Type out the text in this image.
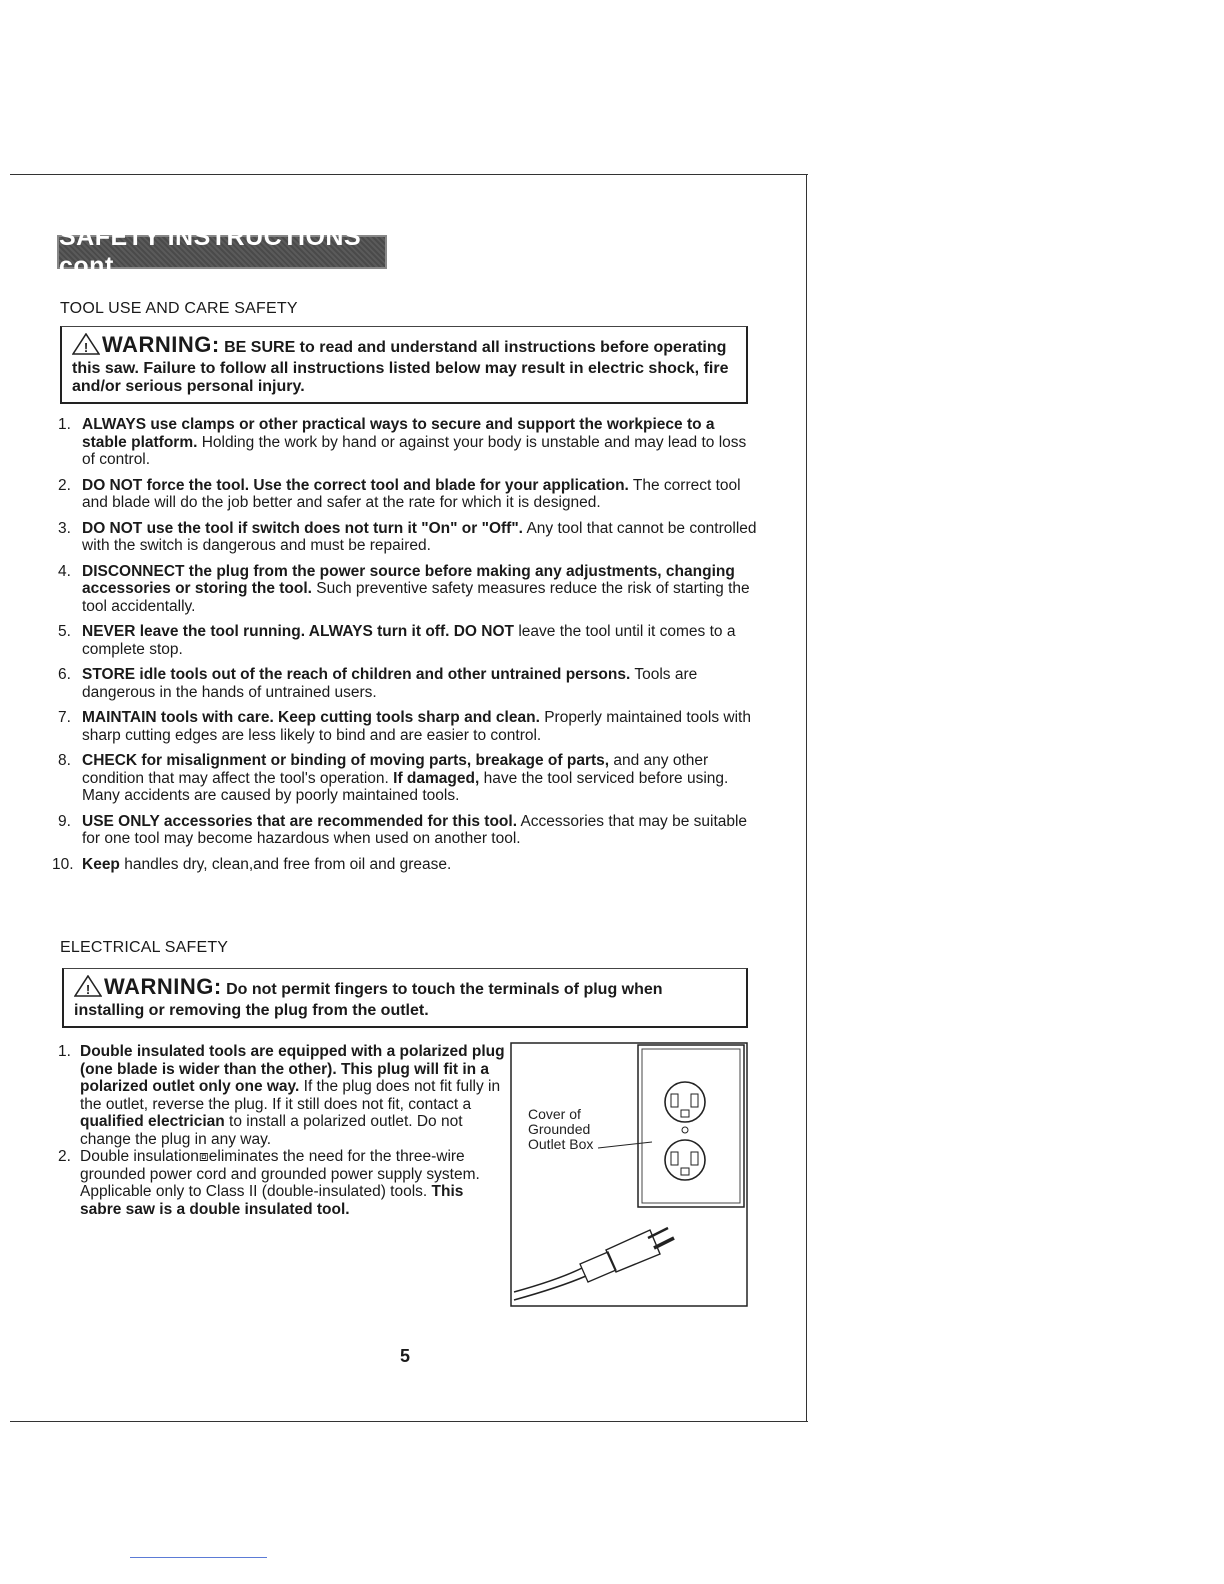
SAFETY INSTRUCTIONS cont.
TOOL USE AND CARE SAFETY
! WARNING: BE SURE to read and understand all instructions before operating this saw. Failure to follow all instructions listed below may result in electric shock, fire and/or serious personal injury.
1. ALWAYS use clamps or other practical ways to secure and support the workpiece to a stable platform. Holding the work by hand or against your body is unstable and may lead to loss of control.
2. DO NOT force the tool. Use the correct tool and blade for your application. The correct tool and blade will do the job better and safer at the rate for which it is designed.
3. DO NOT use the tool if switch does not turn it "On" or "Off". Any tool that cannot be controlled with the switch is dangerous and must be repaired.
4. DISCONNECT the plug from the power source before making any adjustments, changing accessories or storing the tool. Such preventive safety measures reduce the risk of starting the tool accidentally.
5. NEVER leave the tool running. ALWAYS turn it off. DO NOT leave the tool until it comes to a complete stop.
6. STORE idle tools out of the reach of children and other untrained persons. Tools are dangerous in the hands of untrained users.
7. MAINTAIN tools with care. Keep cutting tools sharp and clean. Properly maintained tools with sharp cutting edges are less likely to bind and are easier to control.
8. CHECK for misalignment or binding of moving parts, breakage of parts, and any other condition that may affect the tool's operation. If damaged, have the tool serviced before using. Many accidents are caused by poorly maintained tools.
9. USE ONLY accessories that are recommended for this tool. Accessories that may be suitable for one tool may become hazardous when used on another tool.
10. Keep handles dry, clean,and free from oil and grease.
ELECTRICAL SAFETY
! WARNING: Do not permit fingers to touch the terminals of plug when installing or removing the plug from the outlet.
1. Double insulated tools are equipped with a polarized plug (one blade is wider than the other). This plug will fit in a polarized outlet only one way. If the plug does not fit fully in the outlet, reverse the plug. If it still does not fit, contact a qualified electrician to install a polarized outlet. Do not change the plug in any way.
2. Double insulation⧈eliminates the need for the three-wire grounded power cord and grounded power supply system. Applicable only to Class II (double-insulated) tools. This sabre saw is a double insulated tool.
Cover of Grounded Outlet Box
5
